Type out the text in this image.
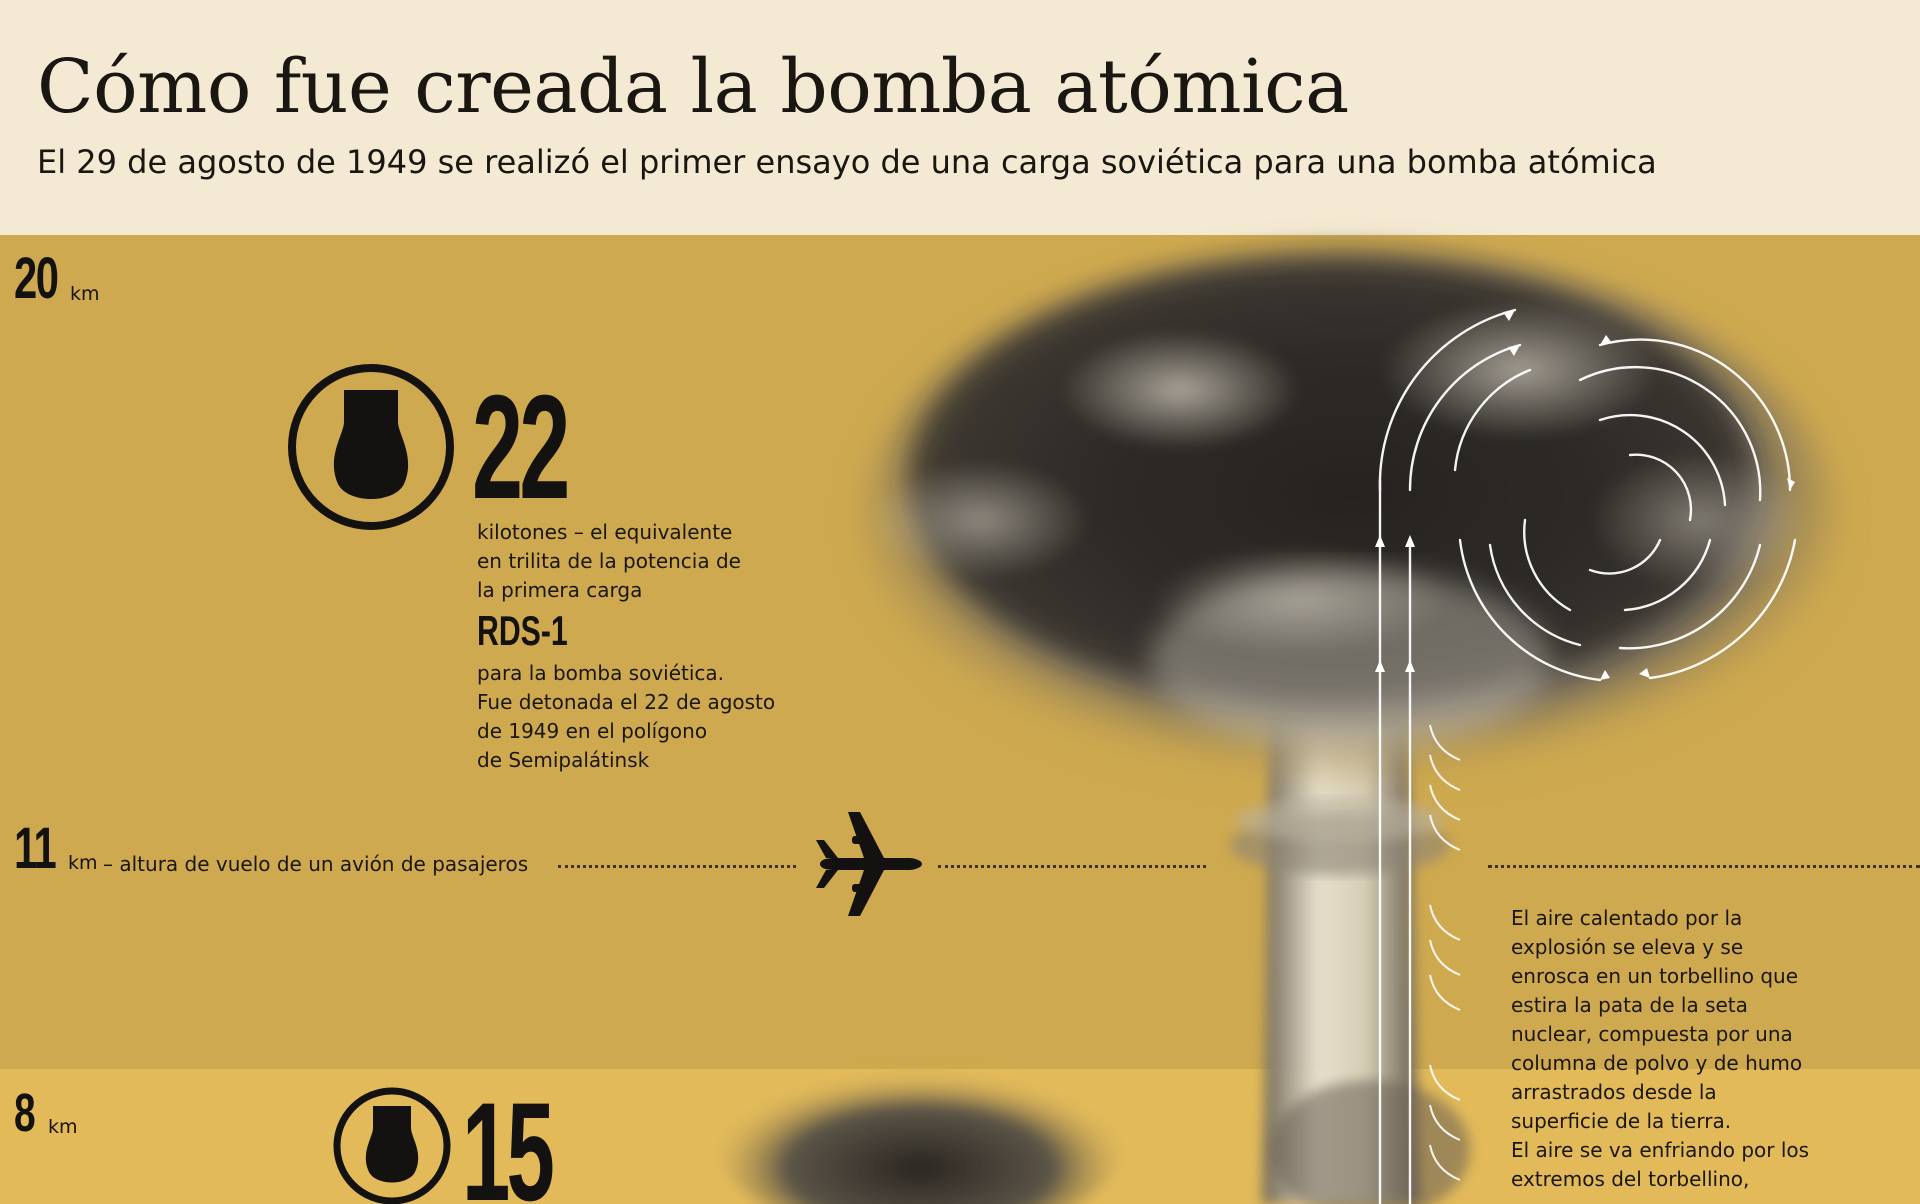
Cómo fue creada la bomba atómica
El 29 de agosto de 1949 se realizó el primer ensayo de una carga soviética para una bomba atómica
20 km
11 km – altura de vuelo de un avión de pasajeros
8 km
22
kilotones – el equivalente
en trilita de la potencia de
la primera carga
RDS-1
para la bomba soviética.
Fue detonada el 22 de agosto
de 1949 en el polígono
de Semipalátinsk
15
El aire calentado por la
explosión se eleva y se
enrosca en un torbellino que
estira la pata de la seta
nuclear, compuesta por una
columna de polvo y de humo
arrastrados desde la
superficie de la tierra.
El aire se va enfriando por los
extremos del torbellino,
